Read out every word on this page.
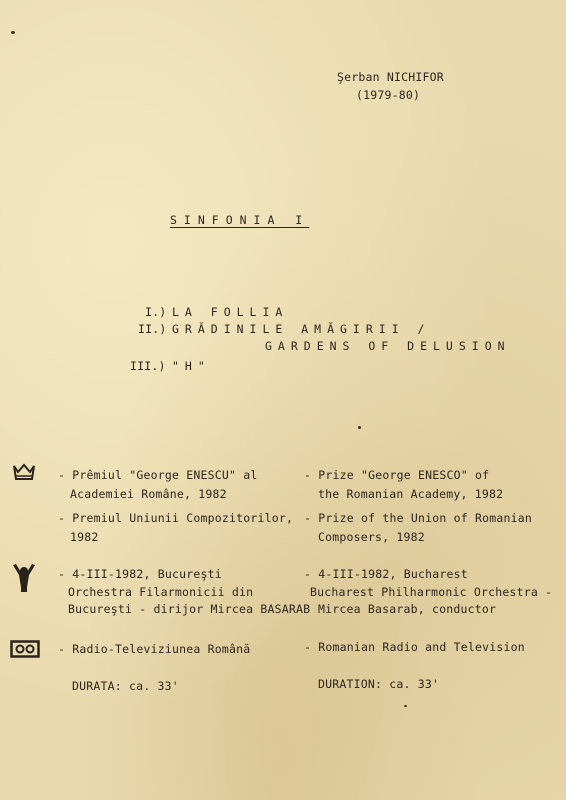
Şerban NICHIFOR
(1979-80)
SINFONIA I
I.) LA FOLLIA
II.) GRĂDINILE AMĂGIRII /
GARDENS OF DELUSION
III.) "H"
- Prêmiul "George ENESCU" al
Academiei Române, 1982
- Premiul Uniunii Compozitorilor,
1982
- Prize "George ENESCO" of
the Romanian Academy, 1982
- Prize of the Union of Romanian
Composers, 1982
- 4-III-1982, Bucureşti
Orchestra Filarmonicii din
Bucureşti - dirijor Mircea BASARAB
- 4-III-1982, Bucharest
Bucharest Philharmonic Orchestra -
Mircea Basarab, conductor
- Radio-Televiziunea Română	- Romanian Radio and Television
DURATA: ca. 33'	DURATION: ca. 33'
